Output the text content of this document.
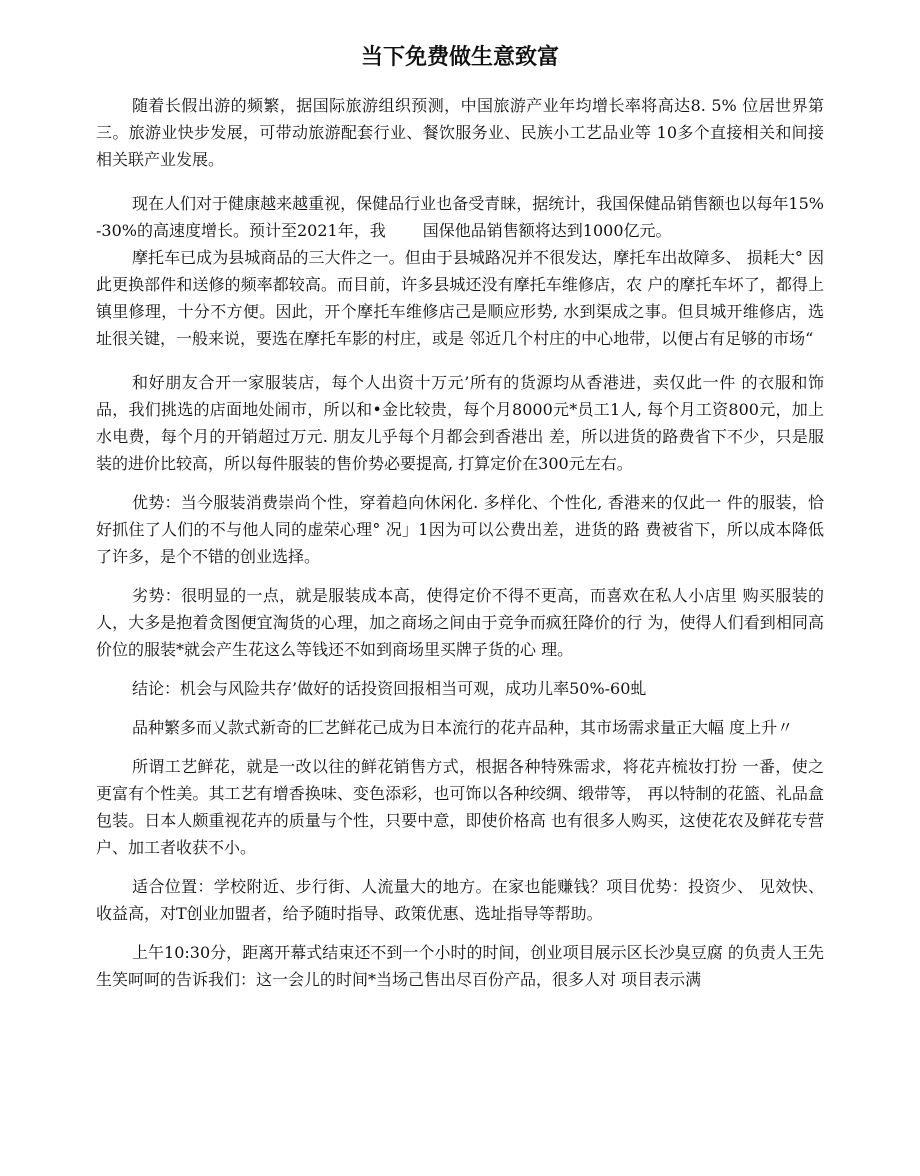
当下免费做生意致富

随着长假出游的频繁，据国际旅游组织预测，中国旅游产业年均增长率将高达8. 5% 位居世界第三。旅游业快步发展，可带动旅游配套行业、餐饮服务业、民族小工艺品业等 10多个直接相关和间接相关联产业发展。

现在人们对于健康越来越重视，保健品行业也备受青睐，据统计，我国保健品销售额也以每年15%-30%的高速度增长。预计至2021年，我　　 国保他品销售额将达到1000亿元。

摩托车已成为县城商品的三大件之一。但由于县城路况并不很发达，摩托车出故障多、 损耗大° 因此更换部件和送修的频率都较高。而目前，许多县城还没有摩托车维修店，农 户的摩托车坏了，都得上镇里修理，十分不方便。因此，开个摩托车维修店己是顺应形势, 水到渠成之事。但貝城开维修店，选址很关键，一般来说，要选在摩托车影的村庄，或是 邻近几个村庄的中心地带，以便占有足够的市场“

和好朋友合开一家服装店，每个人出资十万元’所有的货源均从香港进，卖仅此一件 的衣服和饰品，我们挑选的店面地处闹市，所以和•金比较贵，每个月8000元*员工1人, 每个月工资800元，加上水电费，每个月的开销超过万元. 朋友儿乎每个月都会到香港出 差，所以进货的路费省下不少，只是服装的进价比较高，所以每件服装的售价势必要提高, 打算定价在300元左右。

优势：当今服装消费崇尚个性，穿着趋向休闲化. 多样化、个性化, 香港来的仅此一 件的服装，恰好抓住了人们的不与他人同的虚荣心理° 况」1因为可以公费出差，进货的路 费被省下，所以成本降低了许多，是个不错的创业选择。

劣势：很明显的一点，就是服装成本高，使得定价不得不更高，而喜欢在私人小店里 购买服装的人，大多是抱着贪图便宜淘货的心理，加之商场之间由于竞争而疯狂降价的行 为，使得人们看到相同高价位的服装*就会产生花这么等钱还不如到商场里买牌子货的心 理。

结论：机会与风险共存’做好的话投资回报相当可观，成功儿率50%-60虬

品种繁多而乂款式新奇的匚艺鲜花己成为日本流行的花卉品种，其市场需求量正大幅 度上升〃

所谓工艺鲜花，就是一改以往的鲜花销售方式，根据各种特殊需求，将花卉梳妆打扮 一番，使之更富有个性美。其工艺有增香换味、变色添彩，也可饰以各种绞绸、缎带等， 再以特制的花篮、礼品盒包装。日本人颇重视花卉的质量与个性，只要中意，即使价格高 也有很多人购买，这使花农及鲜花专营户、加工者收获不小。

适合位置：学校附近、步行街、人流量大的地方。在家也能赚钱？项目优势：投资少、 见效快、收益高，对T创业加盟者，给予随时指导、政策优惠、选址指导等帮助。

上午10:30分，距离开幕式结束还不到一个小时的时间，创业项目展示区长沙臭豆腐 的负责人王先生笑呵呵的告诉我们：这一会儿的时间*当场己售出尽百份产品，很多人对 项目表示满
